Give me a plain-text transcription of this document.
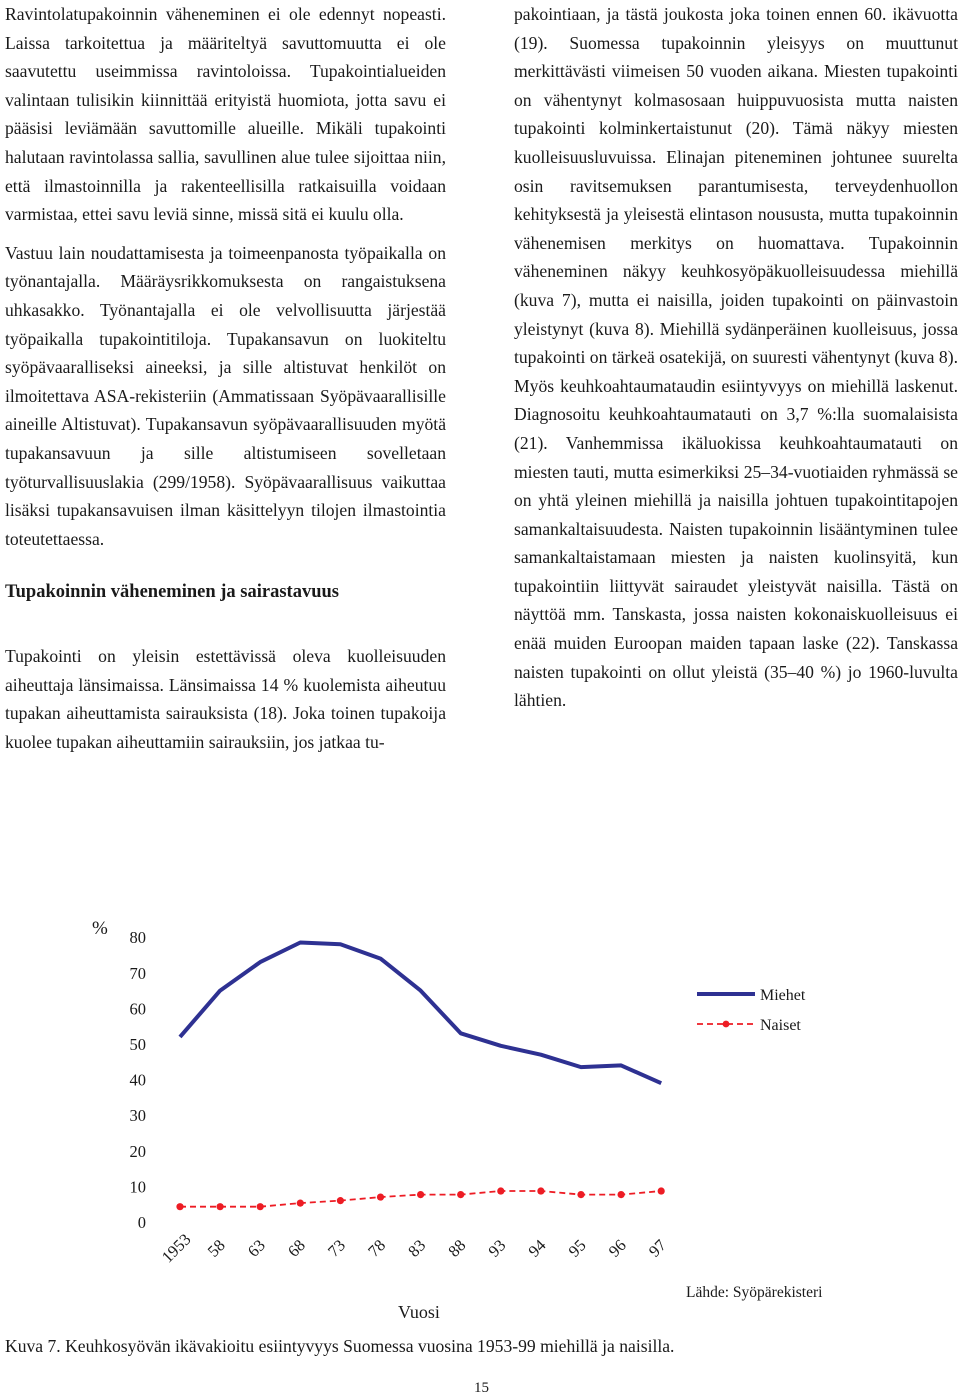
Ravintolatupakoinnin väheneminen ei ole edennyt nopeasti. Laissa tarkoitettua ja määriteltyä savuttomuutta ei ole saavutettu useimmissa ravintoloissa. Tupakointialueiden valintaan tulisikin kiinnittää erityistä huomiota, jotta savu ei pääsisi leviämään savuttomille alueille. Mikäli tupakointi halutaan ravintolassa sallia, savullinen alue tulee sijoittaa niin, että ilmastoinnilla ja rakenteellisilla ratkaisuilla voidaan varmistaa, ettei savu leviä sinne, missä sitä ei kuulu olla.

Vastuu lain noudattamisesta ja toimeenpanosta työpaikalla on työnantajalla. Määräysrikkomuksesta on rangaistuksena uhkasakko. Työnantajalla ei ole velvollisuutta järjestää työpaikalla tupakointitiloja. Tupakansavun on luokiteltu syöpävaaralliseksi aineeksi, ja sille altistuvat henkilöt on ilmoitettava ASA-rekisteriin (Ammatissaan Syöpävaarallisille aineille Altistuvat). Tupakansavun syöpävaarallisuuden myötä tupakansavuun ja sille altistumiseen sovelletaan työturvallisuuslakia (299/1958). Syöpävaarallisuus vaikuttaa lisäksi tupakansavuisen ilman käsittelyyn tilojen ilmastointia toteutettaessa.

Tupakoinnin väheneminen ja sairastavuus

Tupakointi on yleisin estettävissä oleva kuolleisuuden aiheuttaja länsimaissa. Länsimaissa 14 % kuolemista aiheutuu tupakan aiheuttamista sairauksista (18). Joka toinen tupakoija kuolee tupakan aiheuttamiin sairauksiin, jos jatkaa tu-

pakointiaan, ja tästä joukosta joka toinen ennen 60. ikävuotta (19). Suomessa tupakoinnin yleisyys on muuttunut merkittävästi viimeisen 50 vuoden aikana. Miesten tupakointi on vähentynyt kolmasosaan huippuvuosista mutta naisten tupakointi kolminkertaistunut (20). Tämä näkyy miesten kuolleisuusluvuissa. Elinajan piteneminen johtunee suurelta osin ravitsemuksen parantumisesta, terveydenhuollon kehityksestä ja yleisestä elintason noususta, mutta tupakoinnin vähenemisen merkitys on huomattava. Tupakoinnin väheneminen näkyy keuhkosyöpäkuolleisuudessa miehillä (kuva 7), mutta ei naisilla, joiden tupakointi on päinvastoin yleistynyt (kuva 8). Miehillä sydänperäinen kuolleisuus, jossa tupakointi on tärkeä osatekijä, on suuresti vähentynyt (kuva 8). Myös keuhkoahtaumataudin esiintyvyys on miehillä laskenut. Diagnosoitu keuhkoahtaumatauti on 3,7 %:lla suomalaisista (21). Vanhemmissa ikäluokissa keuhkoahtaumatauti on miesten tauti, mutta esimerkiksi 25–34-vuotiaiden ryhmässä se on yhtä yleinen miehillä ja naisilla johtuen tupakointitapojen samankaltaisuudesta. Naisten tupakoinnin lisääntyminen tulee samankaltaistamaan miesten ja naisten kuolinsyitä, kun tupakointiin liittyvät sairaudet yleistyvät naisilla. Tästä on näyttöä mm. Tanskasta, jossa naisten kokonaiskuolleisuus ei enää muiden Euroopan maiden tapaan laske (22). Tanskassa naisten tupakointi on ollut yleistä (35–40 %) jo 1960-luvulta lähtien.

0
10
20
30
40
50
60
70
80
1953 58 63 68 73 78 83 88 93 94 95 96 97
%
Vuosi
Miehet
Naiset
Lähde: Syöpärekisteri
Kuva 7. Keuhkosyövän ikävakioitu esiintyvyys Suomessa vuosina 1953-99 miehillä ja naisilla.
15
